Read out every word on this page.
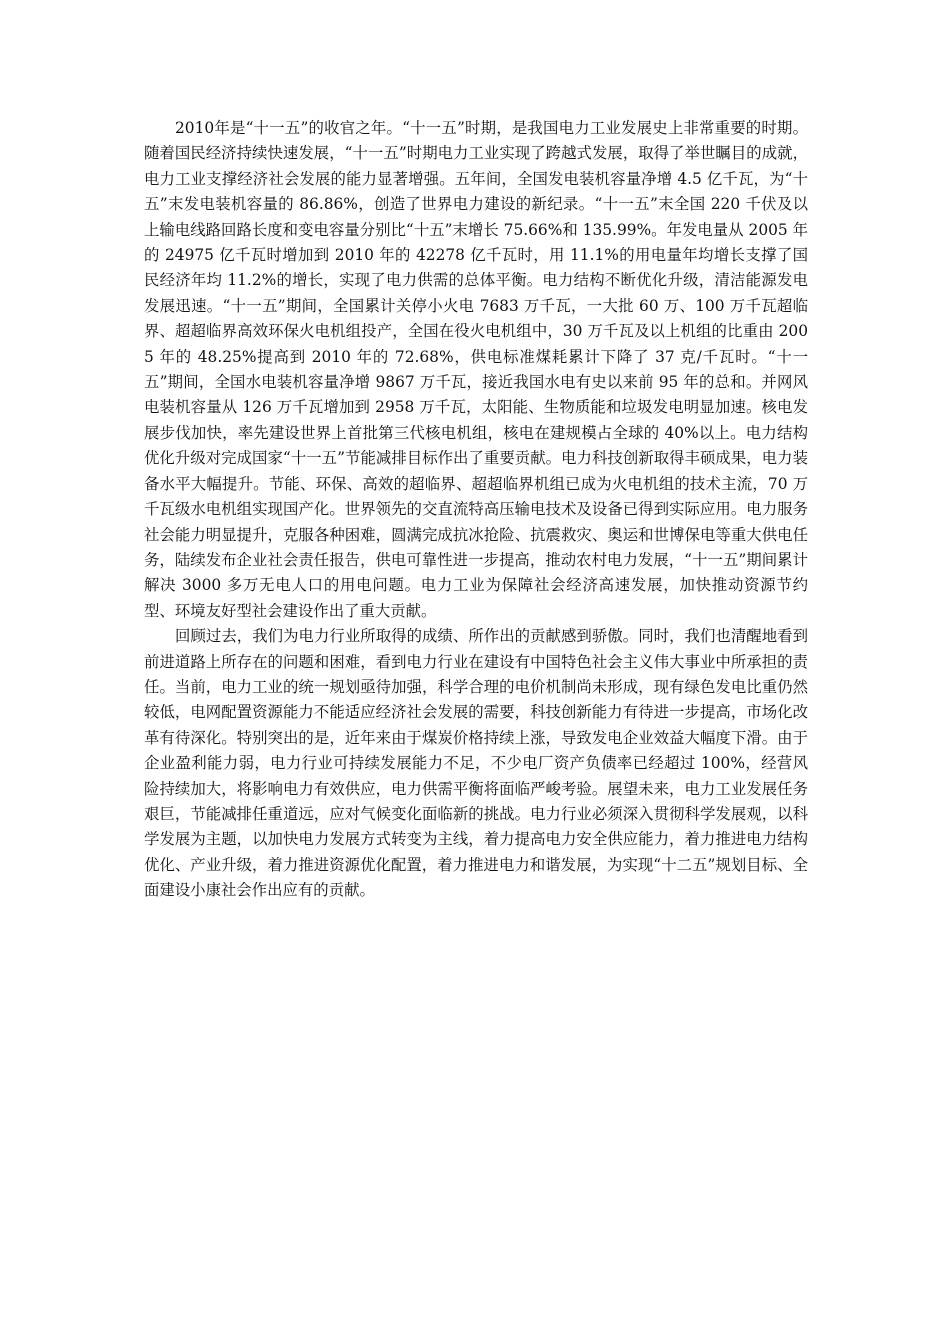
2010年是“十一五”的收官之年。“十一五”时期，是我国电力工业发展史上非常重要的时期。随着国民经济持续快速发展，“十一五”时期电力工业实现了跨越式发展，取得了举世瞩目的成就，电力工业支撑经济社会发展的能力显著增强。五年间，全国发电装机容量净增 4.5 亿千瓦，为“十五”末发电装机容量的 86.86%，创造了世界电力建设的新纪录。“十一五”末全国 220 千伏及以上输电线路回路长度和变电容量分别比“十五”末增长 75.66%和 135.99%。年发电量从 2005 年的 24975 亿千瓦时增加到 2010 年的 42278 亿千瓦时，用 11.1%的用电量年均增长支撑了国民经济年均 11.2%的增长，实现了电力供需的总体平衡。电力结构不断优化升级，清洁能源发电发展迅速。“十一五”期间，全国累计关停小火电 7683 万千瓦，一大批 60 万、100 万千瓦超临界、超超临界高效环保火电机组投产，全国在役火电机组中，30 万千瓦及以上机组的比重由 2005 年的 48.25%提高到 2010 年的 72.68%，供电标准煤耗累计下降了 37 克/千瓦时。“十一五”期间，全国水电装机容量净增 9867 万千瓦，接近我国水电有史以来前 95 年的总和。并网风电装机容量从 126 万千瓦增加到 2958 万千瓦，太阳能、生物质能和垃圾发电明显加速。核电发展步伐加快，率先建设世界上首批第三代核电机组，核电在建规模占全球的 40%以上。电力结构优化升级对完成国家“十一五”节能减排目标作出了重要贡献。电力科技创新取得丰硕成果，电力装备水平大幅提升。节能、环保、高效的超临界、超超临界机组已成为火电机组的技术主流，70 万千瓦级水电机组实现国产化。世界领先的交直流特高压输电技术及设备已得到实际应用。电力服务社会能力明显提升，克服各种困难，圆满完成抗冰抢险、抗震救灾、奥运和世博保电等重大供电任务，陆续发布企业社会责任报告，供电可靠性进一步提高，推动农村电力发展，“十一五”期间累计解决 3000 多万无电人口的用电问题。电力工业为保障社会经济高速发展，加快推动资源节约型、环境友好型社会建设作出了重大贡献。

回顾过去，我们为电力行业所取得的成绩、所作出的贡献感到骄傲。同时，我们也清醒地看到前进道路上所存在的问题和困难，看到电力行业在建设有中国特色社会主义伟大事业中所承担的责任。当前，电力工业的统一规划亟待加强，科学合理的电价机制尚未形成，现有绿色发电比重仍然较低，电网配置资源能力不能适应经济社会发展的需要，科技创新能力有待进一步提高，市场化改革有待深化。特别突出的是，近年来由于煤炭价格持续上涨，导致发电企业效益大幅度下滑。由于企业盈利能力弱，电力行业可持续发展能力不足，不少电厂资产负债率已经超过 100%，经营风险持续加大，将影响电力有效供应，电力供需平衡将面临严峻考验。展望未来，电力工业发展任务艰巨，节能减排任重道远，应对气候变化面临新的挑战。电力行业必须深入贯彻科学发展观，以科学发展为主题，以加快电力发展方式转变为主线，着力提高电力安全供应能力，着力推进电力结构优化、产业升级，着力推进资源优化配置，着力推进电力和谐发展，为实现“十二五”规划目标、全面建设小康社会作出应有的贡献。
